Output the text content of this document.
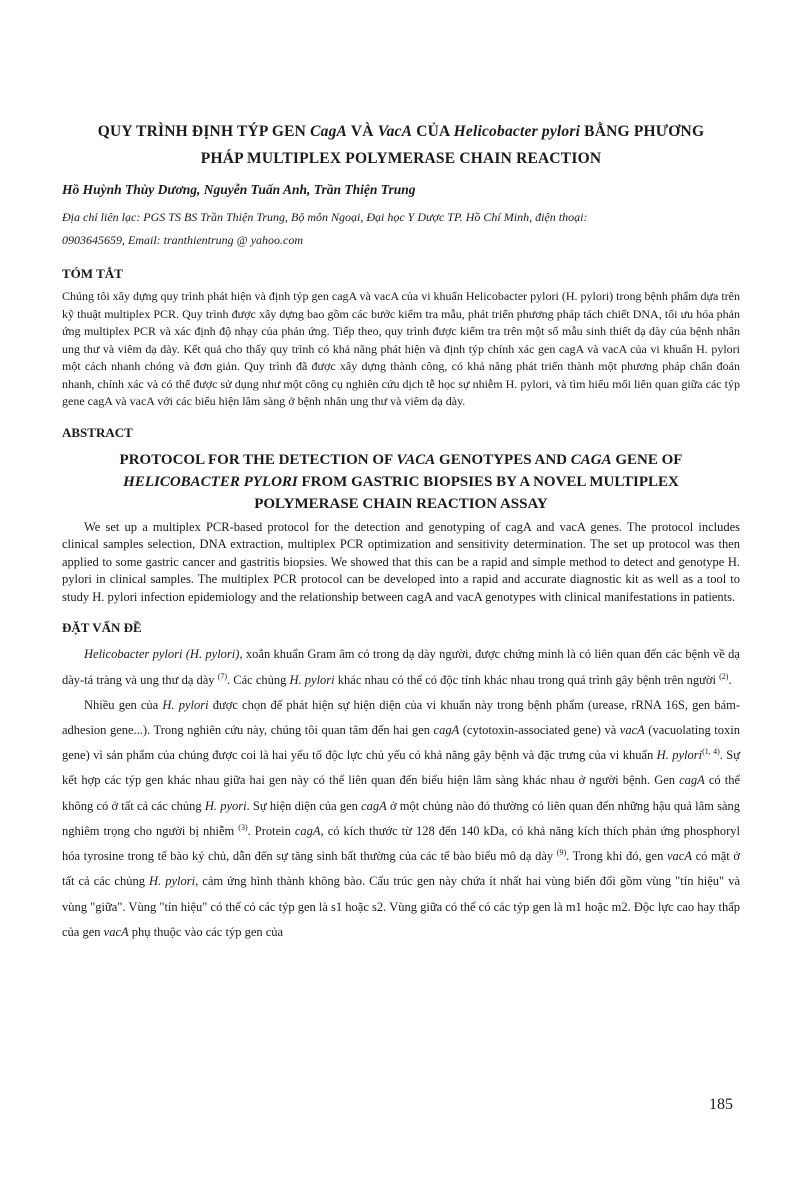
QUY TRÌNH ĐỊNH TÝP GEN CagA VÀ VacA CỦA Helicobacter pylori BẰNG PHƯƠNG
PHÁP MULTIPLEX POLYMERASE CHAIN REACTION
Hồ Huỳnh Thùy Dương, Nguyễn Tuấn Anh, Trần Thiện Trung
Địa chỉ liên lạc: PGS TS BS Trần Thiện Trung, Bộ môn Ngoại, Đại học Y Dược TP. Hồ Chí Minh, điện thoại:
0903645659, Email: tranthientrung @ yahoo.com
TÓM TẮT

Chúng tôi xây dựng quy trình phát hiện và định týp gen cagA và vacA của vi khuẩn Helicobacter pylori (H. pylori) trong bệnh phẩm dựa trên kỹ thuật multiplex PCR. Quy trình được xây dựng bao gồm các bước kiểm tra mẫu, phát triển phương pháp tách chiết DNA, tối ưu hóa phản ứng multiplex PCR và xác định độ nhạy của phản ứng. Tiếp theo, quy trình được kiểm tra trên một số mẫu sinh thiết dạ dày của bệnh nhân ung thư và viêm dạ dày. Kết quả cho thấy quy trình có khả năng phát hiện và định týp chính xác gen cagA và vacA của vi khuẩn H. pylori một cách nhanh chóng và đơn giản. Quy trình đã được xây dựng thành công, có khả năng phát triển thành một phương pháp chẩn đoán nhanh, chính xác và có thể được sử dụng như một công cụ nghiên cứu dịch tễ học sự nhiễm H. pylori, và tìm hiểu mối liên quan giữa các týp gene cagA và vacA với các biểu hiện lâm sàng ở bệnh nhân ung thư và viêm dạ dày.

ABSTRACT
PROTOCOL FOR THE DETECTION OF VACA GENOTYPES AND CAGA GENE OF
HELICOBACTER PYLORI FROM GASTRIC BIOPSIES BY A NOVEL MULTIPLEX
POLYMERASE CHAIN REACTION ASSAY

We set up a multiplex PCR-based protocol for the detection and genotyping of cagA and vacA genes. The protocol includes clinical samples selection, DNA extraction, multiplex PCR optimization and sensitivity determination. The set up protocol was then applied to some gastric cancer and gastritis biopsies. We showed that this can be a rapid and simple method to detect and genotype H. pylori in clinical samples. The multiplex PCR protocol can be developed into a rapid and accurate diagnostic kit as well as a tool to study H. pylori infection epidemiology and the relationship between cagA and vacA genotypes with clinical manifestations in patients.

ĐẶT VẤN ĐỀ

Helicobacter pylori (H. pylori), xoắn khuẩn Gram âm có trong dạ dày người, được chứng minh là có liên quan đến các bệnh về dạ dày-tá tràng và ung thư dạ dày $^{(7)}$. Các chủng H. pylori khác nhau có thể có độc tính khác nhau trong quá trình gây bệnh trên người $^{(2)}$.

Nhiều gen của H. pylori được chọn để phát hiện sự hiện diện của vi khuẩn này trong bệnh phẩm (urease, rRNA 16S, gen bám-adhesion gene...). Trong nghiên cứu này, chúng tôi quan tâm đến hai gen cagA (cytotoxin-associated gene) và vacA (vacuolating toxin gene) vì sản phẩm của chúng được coi là hai yếu tố độc lực chủ yếu có khả năng gây bệnh và đặc trưng của vi khuẩn H. pylori$^{(1, 4)}$. Sự kết hợp các týp gen khác nhau giữa hai gen này có thể liên quan đến biểu hiện lâm sàng khác nhau ở người bệnh. Gen cagA có thể không có ở tất cả các chủng H. pyori. Sự hiện diện của gen cagA ở một chủng nào đó thường có liên quan đến những hậu quả lâm sàng nghiêm trọng cho người bị nhiễm $^{(3)}$. Protein cagA, có kích thước từ 128 đến 140 kDa, có khả năng kích thích phản ứng phosphoryl hóa tyrosine trong tế bào ký chủ, dẫn đến sự tăng sinh bất thường của các tế bào biểu mô dạ dày $^{(9)}$. Trong khi đó, gen vacA có mặt ở tất cả các chủng H. pylori, cảm ứng hình thành không bào. Cấu trúc gen này chứa ít nhất hai vùng biến đổi gồm vùng "tín hiệu" và vùng "giữa". Vùng "tín hiệu" có thể có các týp gen là s1 hoặc s2. Vùng giữa có thể có các týp gen là m1 hoặc m2. Độc lực cao hay thấp của gen vacA phụ thuộc vào các týp gen của

185
